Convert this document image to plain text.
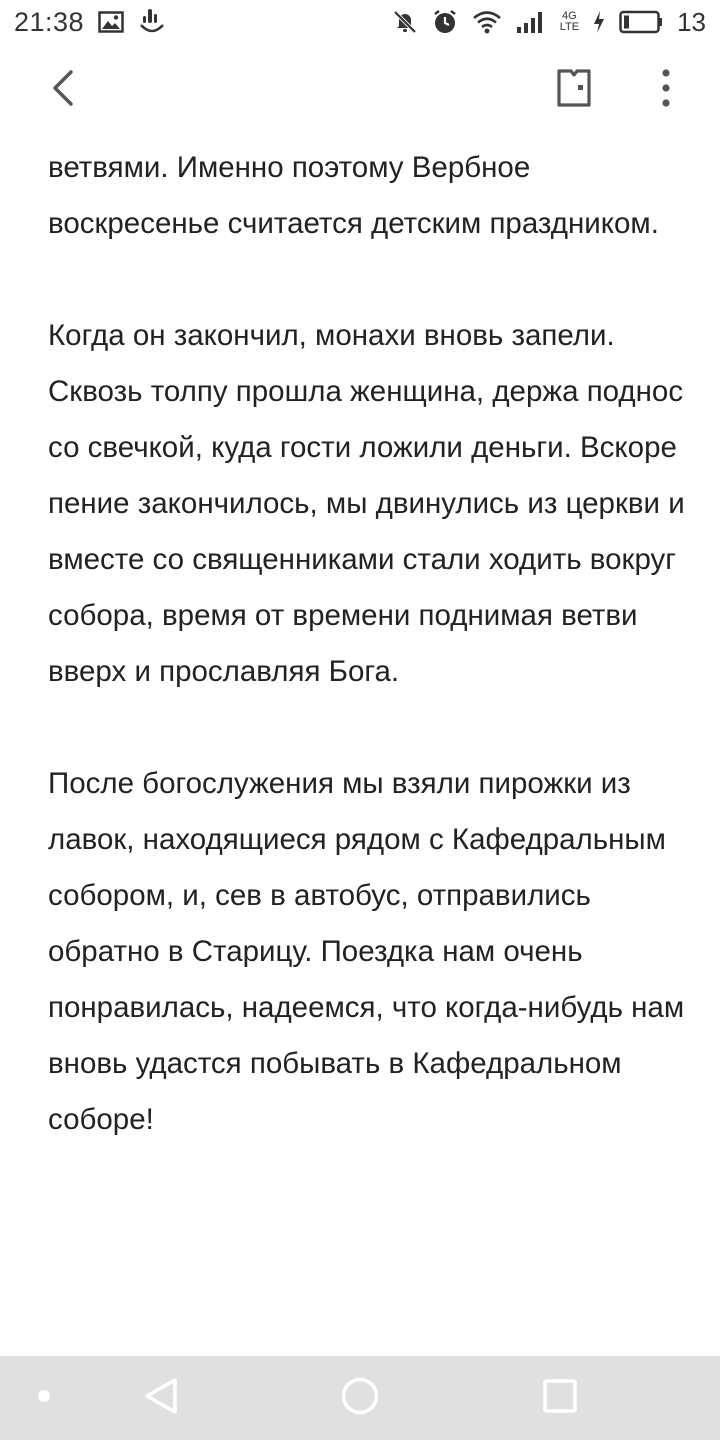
21:38	4G
LTE	13

ветвями. Именно поэтому Вербное воскресенье считается детским праздником.

Когда он закончил, монахи вновь запели. Сквозь толпу прошла женщина, держа поднос со свечкой, куда гости ложили деньги. Вскоре пение закончилось, мы двинулись из церкви и вместе со священниками стали ходить вокруг собора, время от времени поднимая ветви вверх и прославляя Бога.

После богослужения мы взяли пирожки из лавок, находящиеся рядом с Кафедральным собором, и, сев в автобус, отправились обратно в Старицу. Поездка нам очень понравилась, надеемся, что когда-нибудь нам вновь удастся побывать в Кафедральном соборе!
